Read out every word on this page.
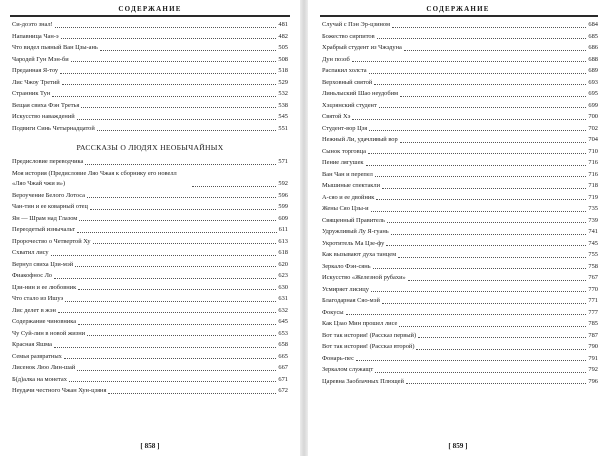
СОДЕРЖАНИЕ
Си-доэто знал!	481
Напавница Чан-э	482
Что видел пьяный Ван Цзы-ань	505
Чародей Гун Мэн-би	508
Преданная Я-тоу	518
Лис Чжоу Третий	529
Странник Тун	532
Вещая свиха Фэн Третья	538
Искусство наваждений	545
Подвиги Синь Четырнадцатой	551
РАССКАЗЫ О ЛЮДЯХ НЕОБЫЧАЙНЫХ
Предисловие переводчика	571
Моя история (Предисловие Ляо Чжая к сборнику его новелл «Ляо Чжай чжи и»)	592
Вероучение Белого Лотоса	596
Чан-тин и ее коварный отец	599
Ян — Шрам над Глазом	609
Переодетый изнычальт	611
Пророчество о Четвертой Ху	613
Схватил лису	618
Вернул свиха Цзи-мэй	620
Фиакофнос Ло	623
Цзи-нин и ее любовник	630
Что стало из Ишуэ	631
Лис делет в жэн	632
Содержание чиновника	645
Чу Суй-лин в новой жизни	653
Красная Яшма	658
Семья развратных	665
Лисенок Люо Лин-шай	667
Б(д)алка на монетах	671
Неудачи честного Чжан Хун-цзяня	672
[ 858 ]
СОДЕРЖАНИЕ
Случай с Пэн Эр-цзином	684
Божество сирпитов	685
Храбрый студент из Чжэдуна	686
Дун поэзб	688
Распакил холста	689
Верховный святой	693
Линьлыский Шао неудобим	695
Хэцзянский студент	699
Святой Хэ	700
Студент-вор Цзя	702
Нежный Ли, удачливый вор	704
Сынок торговца	710
Пение лягушек	716
Ван Чан и перепел	716
Мышиные спектакли	718
А-сяо и ее двойник	719
Жены Сяо Цзы-и	735
Священный Правитель	739
Удружливый Лу Я-гуань	741
Укротитель Ма Цзе-фу	745
Как вызывают духа танцем	755
Зеркало Фэн-сянь	758
Искусство «Железной рубахи»	767
Усмиряет лисицу	770
Благодарная Сяо-мэй	771
Фокусы	777
Как Цзао Мин прошел лисе	785
Вот так история! (Рассказ первый)	787
Вот так история! (Рассказ второй)	790
Фонарь-пес	791
Зеркалом служащт	792
Царевна Заоблачных Плющей	796
[ 859 ]
